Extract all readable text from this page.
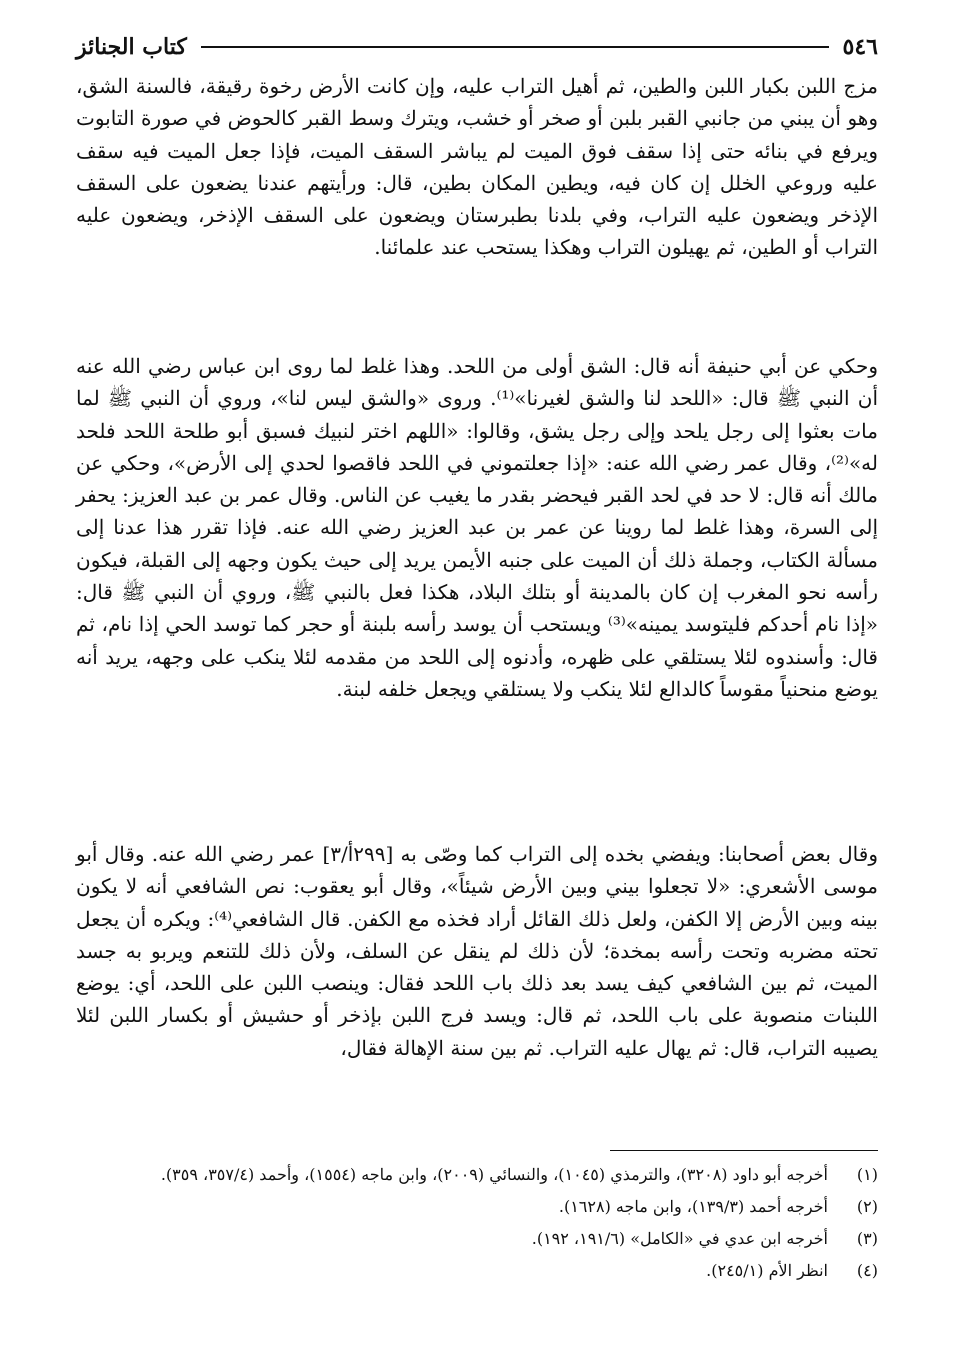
٥٤٦
كتاب الجنائز

مزج اللبن بكبار اللبن والطين، ثم أهيل التراب عليه، وإن كانت الأرض رخوة رقيقة، فالسنة الشق، وهو أن يبني من جانبي القبر بلبن أو صخر أو خشب، ويترك وسط القبر كالحوض في صورة التابوت ويرفع في بنائه حتى إذا سقف فوق الميت لم يباشر السقف الميت، فإذا جعل الميت فيه سقف عليه وروعي الخلل إن كان فيه، ويطين المكان بطين، قال: ورأيتهم عندنا يضعون على السقف الإذخر ويضعون عليه التراب، وفي بلدنا بطبرستان ويضعون على السقف الإذخر، ويضعون عليه التراب أو الطين، ثم يهيلون التراب وهكذا يستحب عند علمائنا.

وحكي عن أبي حنيفة أنه قال: الشق أولى من اللحد. وهذا غلط لما روى ابن عباس رضي الله عنه أن النبي ﷺ قال: «اللحد لنا والشق لغيرنا»⁽¹⁾. وروى «والشق ليس لنا»، وروي أن النبي ﷺ لما مات بعثوا إلى رجل يلحد وإلى رجل يشق، وقالوا: «اللهم اختر لنبيك فسبق أبو طلحة اللحد فلحد له»⁽²⁾، وقال عمر رضي الله عنه: «إذا جعلتموني في اللحد فاقصوا لحدي إلى الأرض»، وحكي عن مالك أنه قال: لا حد في لحد القبر فيحضر بقدر ما يغيب عن الناس. وقال عمر بن عبد العزيز: يحفر إلى السرة، وهذا غلط لما روينا عن عمر بن عبد العزيز رضي الله عنه. فإذا تقرر هذا عدنا إلى مسألة الكتاب، وجملة ذلك أن الميت على جنبه الأيمن يريد إلى حيث يكون وجهه إلى القبلة، فيكون رأسه نحو المغرب إن كان بالمدينة أو بتلك البلاد، هكذا فعل بالنبي ﷺ، وروي أن النبي ﷺ قال: «إذا نام أحدكم فليتوسد يمينه»⁽³⁾ ويستحب أن يوسد رأسه بلبنة أو حجر كما توسد الحي إذا نام، ثم قال: وأسندوه لئلا يستلقي على ظهره، وأدنوه إلى اللحد من مقدمه لئلا ينكب على وجهه، يريد أنه يوضع منحنياً مقوساً كالدالع لئلا ينكب ولا يستلقي ويجعل خلفه لبنة.

وقال بعض أصحابنا: ويفضي بخده إلى التراب كما وصّى به [٢٩٩أ/٣] عمر رضي الله عنه. وقال أبو موسى الأشعري: «لا تجعلوا بيني وبين الأرض شيئاً»، وقال أبو يعقوب: نص الشافعي أنه لا يكون بينه وبين الأرض إلا الكفن، ولعل ذلك القائل أراد فخذه مع الكفن. قال الشافعي⁽⁴⁾: ويكره أن يجعل تحته مضربه وتحت رأسه بمخدة؛ لأن ذلك لم ينقل عن السلف، ولأن ذلك للتنعم ويربو به جسد الميت، ثم بين الشافعي كيف يسد بعد ذلك باب اللحد فقال: وينصب اللبن على اللحد، أي: يوضع اللبنات منصوبة على باب اللحد، ثم قال: ويسد فرج اللبن بإذخر أو حشيش أو بكسار اللبن لئلا يصيبه التراب، قال: ثم يهال عليه التراب. ثم بين سنة الإهالة فقال،

(١)
أخرجه أبو داود (٣٢٠٨)، والترمذي (١٠٤٥)، والنسائي (٢٠٠٩)، وابن ماجه (١٥٥٤)، وأحمد (٣٥٧/٤، ٣٥٩).
(٢)
أخرجه أحمد (١٣٩/٣)، وابن ماجه (١٦٢٨).
(٣)
أخرجه ابن عدي في «الكامل» (١٩١/٦، ١٩٢).
(٤)
انظر الأم (٢٤٥/١).
